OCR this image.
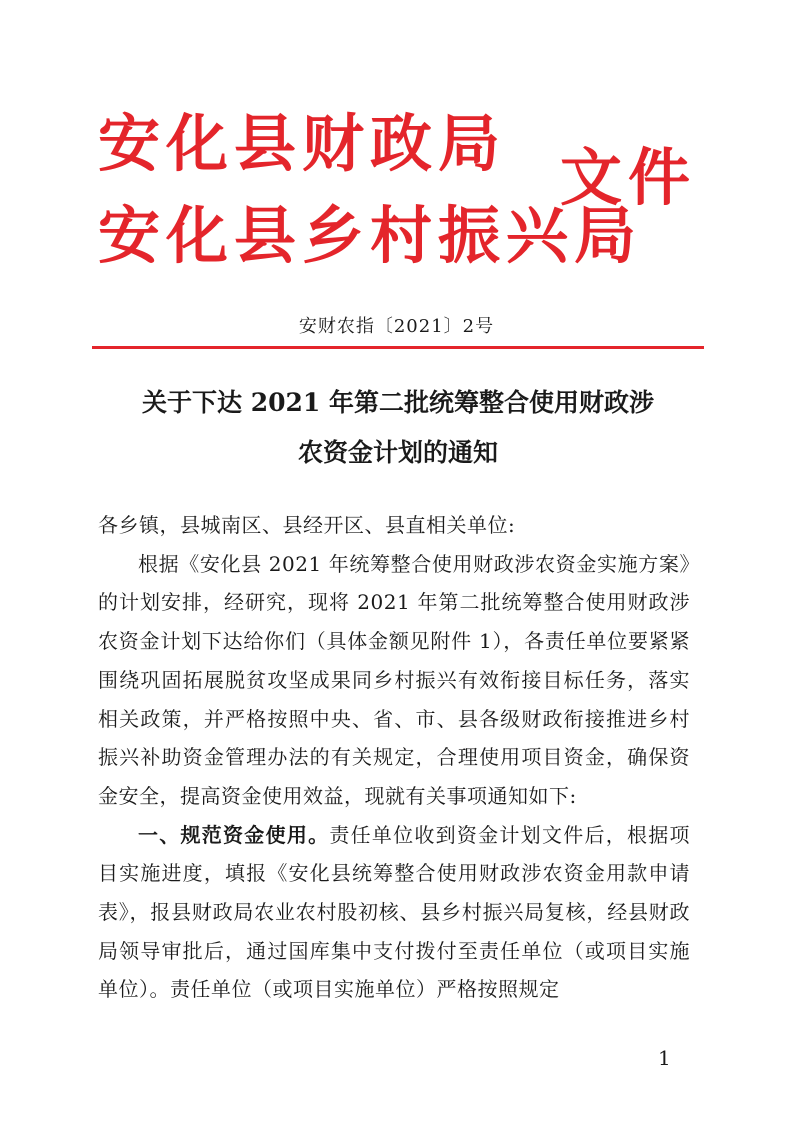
安化县财政局
安化县乡村振兴局
文件
安财农指〔2021〕2号
关于下达 2021 年第二批统筹整合使用财政涉
农资金计划的通知

各乡镇，县城南区、县经开区、县直相关单位:

根据《安化县 2021 年统筹整合使用财政涉农资金实施方案》的计划安排，经研究，现将 2021 年第二批统筹整合使用财政涉农资金计划下达给你们（具体金额见附件 1），各责任单位要紧紧围绕巩固拓展脱贫攻坚成果同乡村振兴有效衔接目标任务，落实相关政策，并严格按照中央、省、市、县各级财政衔接推进乡村振兴补助资金管理办法的有关规定，合理使用项目资金，确保资金安全，提高资金使用效益，现就有关事项通知如下:

一、规范资金使用。责任单位收到资金计划文件后，根据项目实施进度，填报《安化县统筹整合使用财政涉农资金用款申请表》，报县财政局农业农村股初核、县乡村振兴局复核，经县财政局领导审批后，通过国库集中支付拨付至责任单位（或项目实施单位）。责任单位（或项目实施单位）严格按照规定

1
